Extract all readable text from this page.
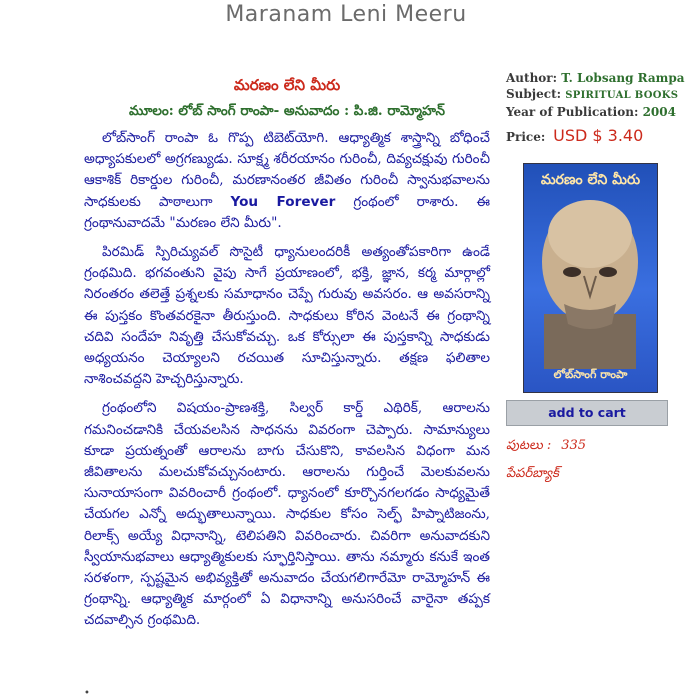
Maranam Leni Meeru
మరణం లేని మీరు
మూలం: లోబ్ సాంగ్ రాంపా- అనువాదం : పి.జి. రామ్మోహన్

లోబ్‌సాంగ్ రాంపా ఓ గొప్ప టిబెట్‌యోగి. ఆధ్యాత్మిక శాస్త్రాన్ని బోధించే అధ్యాపకులలో అగ్రగణ్యుడు. సూక్ష్మ శరీరయానం గురించీ, దివ్యచక్షువు గురించీ ఆకాశిక్ రికార్డుల గురించీ, మరణానంతర జీవితం గురించీ స్వానుభవాలను సాధకులకు పాఠాలుగా You Forever గ్రంథంలో రాశారు. ఈ గ్రంథానువాదమే "మరణం లేని మీరు".

పిరమిడ్ స్పిరిచ్యువల్ సొసైటీ ధ్యానులందరికీ అత్యంతోపకారిగా ఉండే గ్రంథమిది. భగవంతుని వైపు సాగే ప్రయాణంలో, భక్తి, జ్ఞాన, కర్మ మార్గాల్లో నిరంతరం తలెత్తే ప్రశ్నలకు సమాధానం చెప్పే గురువు అవసరం. ఆ అవసరాన్ని ఈ పుస్తకం కొంతవరకైనా తీరుస్తుంది. సాధకులు కోరిన వెంటనే ఈ గ్రంథాన్ని చదివి సందేహ నివృత్తి చేసుకోవచ్చు. ఒక కోర్సులా ఈ పుస్తకాన్ని సాధకుడు అధ్యయనం చెయ్యాలని రచయిత సూచిస్తున్నారు. తక్షణ ఫలితాల నాశించవద్దని హెచ్చరిస్తున్నారు.

గ్రంథంలోని విషయం-ప్రాణశక్తి, సిల్వర్ కార్డ్ ఎథిరిక్, ఆరాలను గమనించడానికి చేయవలసిన సాధనను వివరంగా చెప్పారు. సామాన్యులు కూడా ప్రయత్నంతో ఆరాలను బాగు చేసుకొని, కావలసిన విధంగా మన జీవితాలను మలచుకోవచ్చునంటారు. ఆరాలను గుర్తించే మెలకువలను సునాయాసంగా వివరించారీ గ్రంథంలో. ధ్యానంలో కూర్చొనగలగడం సాధ్యమైతే చేయగల ఎన్నో అద్భుతాలున్నాయి. సాధకుల కోసం సెల్ఫ్ హిప్నాటిజంను, రిలాక్స్ అయ్యే విధానాన్ని, టెలిపతిని వివరించారు. చివరిగా అనువాదకుని స్వీయానుభవాలు ఆధ్యాత్మికులకు స్ఫూర్తినిస్తాయి. తాను నమ్మారు కనుకే ఇంత సరళంగా, స్పష్టమైన అభివ్యక్తితో అనువాదం చేయగలిగారేమో రామ్మోహన్ ఈ గ్రంథాన్ని. ఆధ్యాత్మిక మార్గంలో ఏ విధానాన్ని అనుసరించే వారైనా తప్పక చదవాల్సిన గ్రంథమిది.

•
Author: T. Lobsang Rampa
Subject: SPIRITUAL BOOKS
Year of Publication: 2004
Price: USD $ 3.40
మరణం లేని మీరు
లోబ్‌సాంగ్ రాంపా
add to cart
పుటలు : 335
పేపర్‌బ్యాక్
